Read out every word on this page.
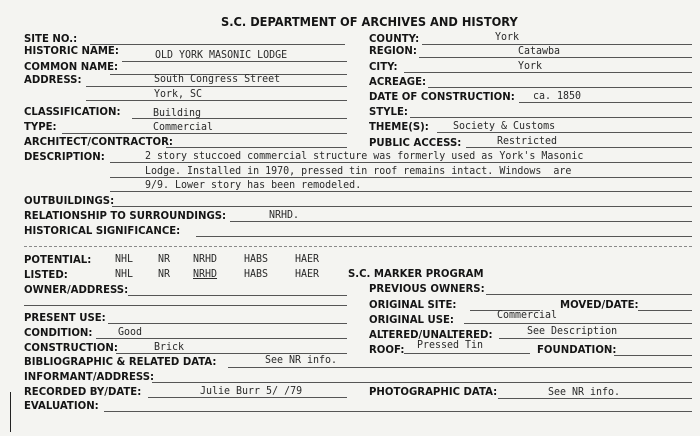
S.C. DEPARTMENT OF ARCHIVES AND HISTORY
SITE NO.:
HISTORIC NAME:	OLD YORK MASONIC LODGE
COMMON NAME:
ADDRESS:	South Congress Street
York, SC
CLASSIFICATION:	Building
TYPE:	Commercial
ARCHITECT/CONTRACTOR:
COUNTY:	York
REGION:	Catawba
CITY:	York
ACREAGE:
DATE OF CONSTRUCTION: ca. 1850
STYLE:
THEME(S): Society & Customs
PUBLIC ACCESS:	Restricted
DESCRIPTION:	2 story stuccoed commercial structure was formerly used as York's Masonic
Lodge. Installed in 1970, pressed tin roof remains intact. Windows  are
9/9. Lower story has been remodeled.
OUTBUILDINGS:
RELATIONSHIP TO SURROUNDINGS:	NRHD.
HISTORICAL SIGNIFICANCE:
POTENTIAL: NHL NR NRHD	HABS	HAER
LISTED:	NHL NR NRHD	HABS	HAER	S.C. MARKER PROGRAM
OWNER/ADDRESS:	PREVIOUS OWNERS:
ORIGINAL SITE:	MOVED/DATE:
PRESENT USE:	ORIGINAL USE:	Commercial
CONDITION: Good	ALTERED/UNALTERED:	See Description
CONSTRUCTION:	Brick	ROOF: Pressed Tin	FOUNDATION:
BIBLIOGRAPHIC & RELATED DATA:	See NR info.
INFORMANT/ADDRESS:
RECORDED BY/DATE:	Julie Burr 5/ /79	PHOTOGRAPHIC DATA:	See NR info.
EVALUATION:
